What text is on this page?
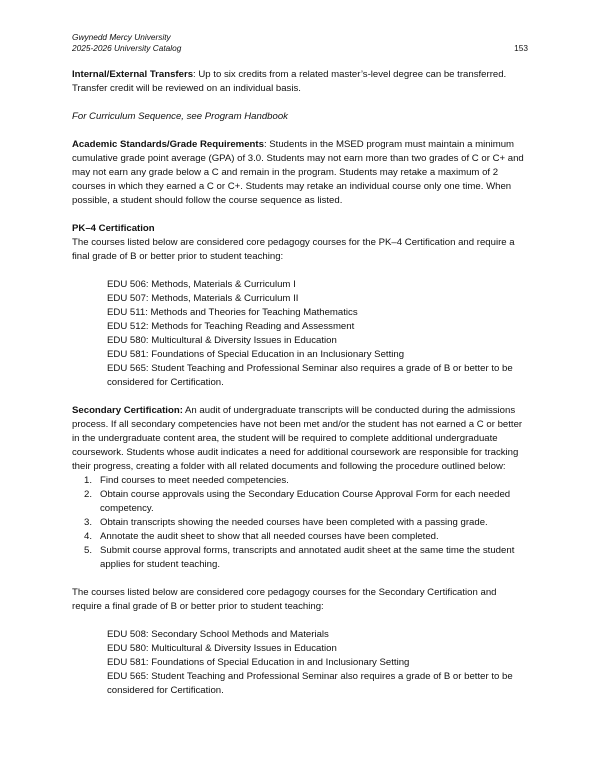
Gwynedd Mercy University
2025-2026 University Catalog	153

Internal/External Transfers: Up to six credits from a related master’s-level degree can be transferred. Transfer credit will be reviewed on an individual basis.

For Curriculum Sequence, see Program Handbook

Academic Standards/Grade Requirements: Students in the MSED program must maintain a minimum cumulative grade point average (GPA) of 3.0. Students may not earn more than two grades of C or C+ and may not earn any grade below a C and remain in the program. Students may retake a maximum of 2 courses in which they earned a C or C+. Students may retake an individual course only one time. When possible, a student should follow the course sequence as listed.

PK–4 Certification

The courses listed below are considered core pedagogy courses for the PK–4 Certification and require a final grade of B or better prior to student teaching:

EDU 506: Methods, Materials & Curriculum I

EDU 507: Methods, Materials & Curriculum II

EDU 511: Methods and Theories for Teaching Mathematics

EDU 512: Methods for Teaching Reading and Assessment

EDU 580: Multicultural & Diversity Issues in Education

EDU 581: Foundations of Special Education in an Inclusionary Setting

EDU 565: Student Teaching and Professional Seminar also requires a grade of B or better to be considered for Certification.

Secondary Certification: An audit of undergraduate transcripts will be conducted during the admissions process. If all secondary competencies have not been met and/or the student has not earned a C or better in the undergraduate content area, the student will be required to complete additional undergraduate coursework. Students whose audit indicates a need for additional coursework are responsible for tracking their progress, creating a folder with all related documents and following the procedure outlined below:

1. Find courses to meet needed competencies.
2. Obtain course approvals using the Secondary Education Course Approval Form for each needed competency.
3. Obtain transcripts showing the needed courses have been completed with a passing grade.
4. Annotate the audit sheet to show that all needed courses have been completed.
5. Submit course approval forms, transcripts and annotated audit sheet at the same time the student applies for student teaching.

The courses listed below are considered core pedagogy courses for the Secondary Certification and require a final grade of B or better prior to student teaching:

EDU 508: Secondary School Methods and Materials

EDU 580: Multicultural & Diversity Issues in Education

EDU 581: Foundations of Special Education in and Inclusionary Setting

EDU 565: Student Teaching and Professional Seminar also requires a grade of B or better to be considered for Certification.
